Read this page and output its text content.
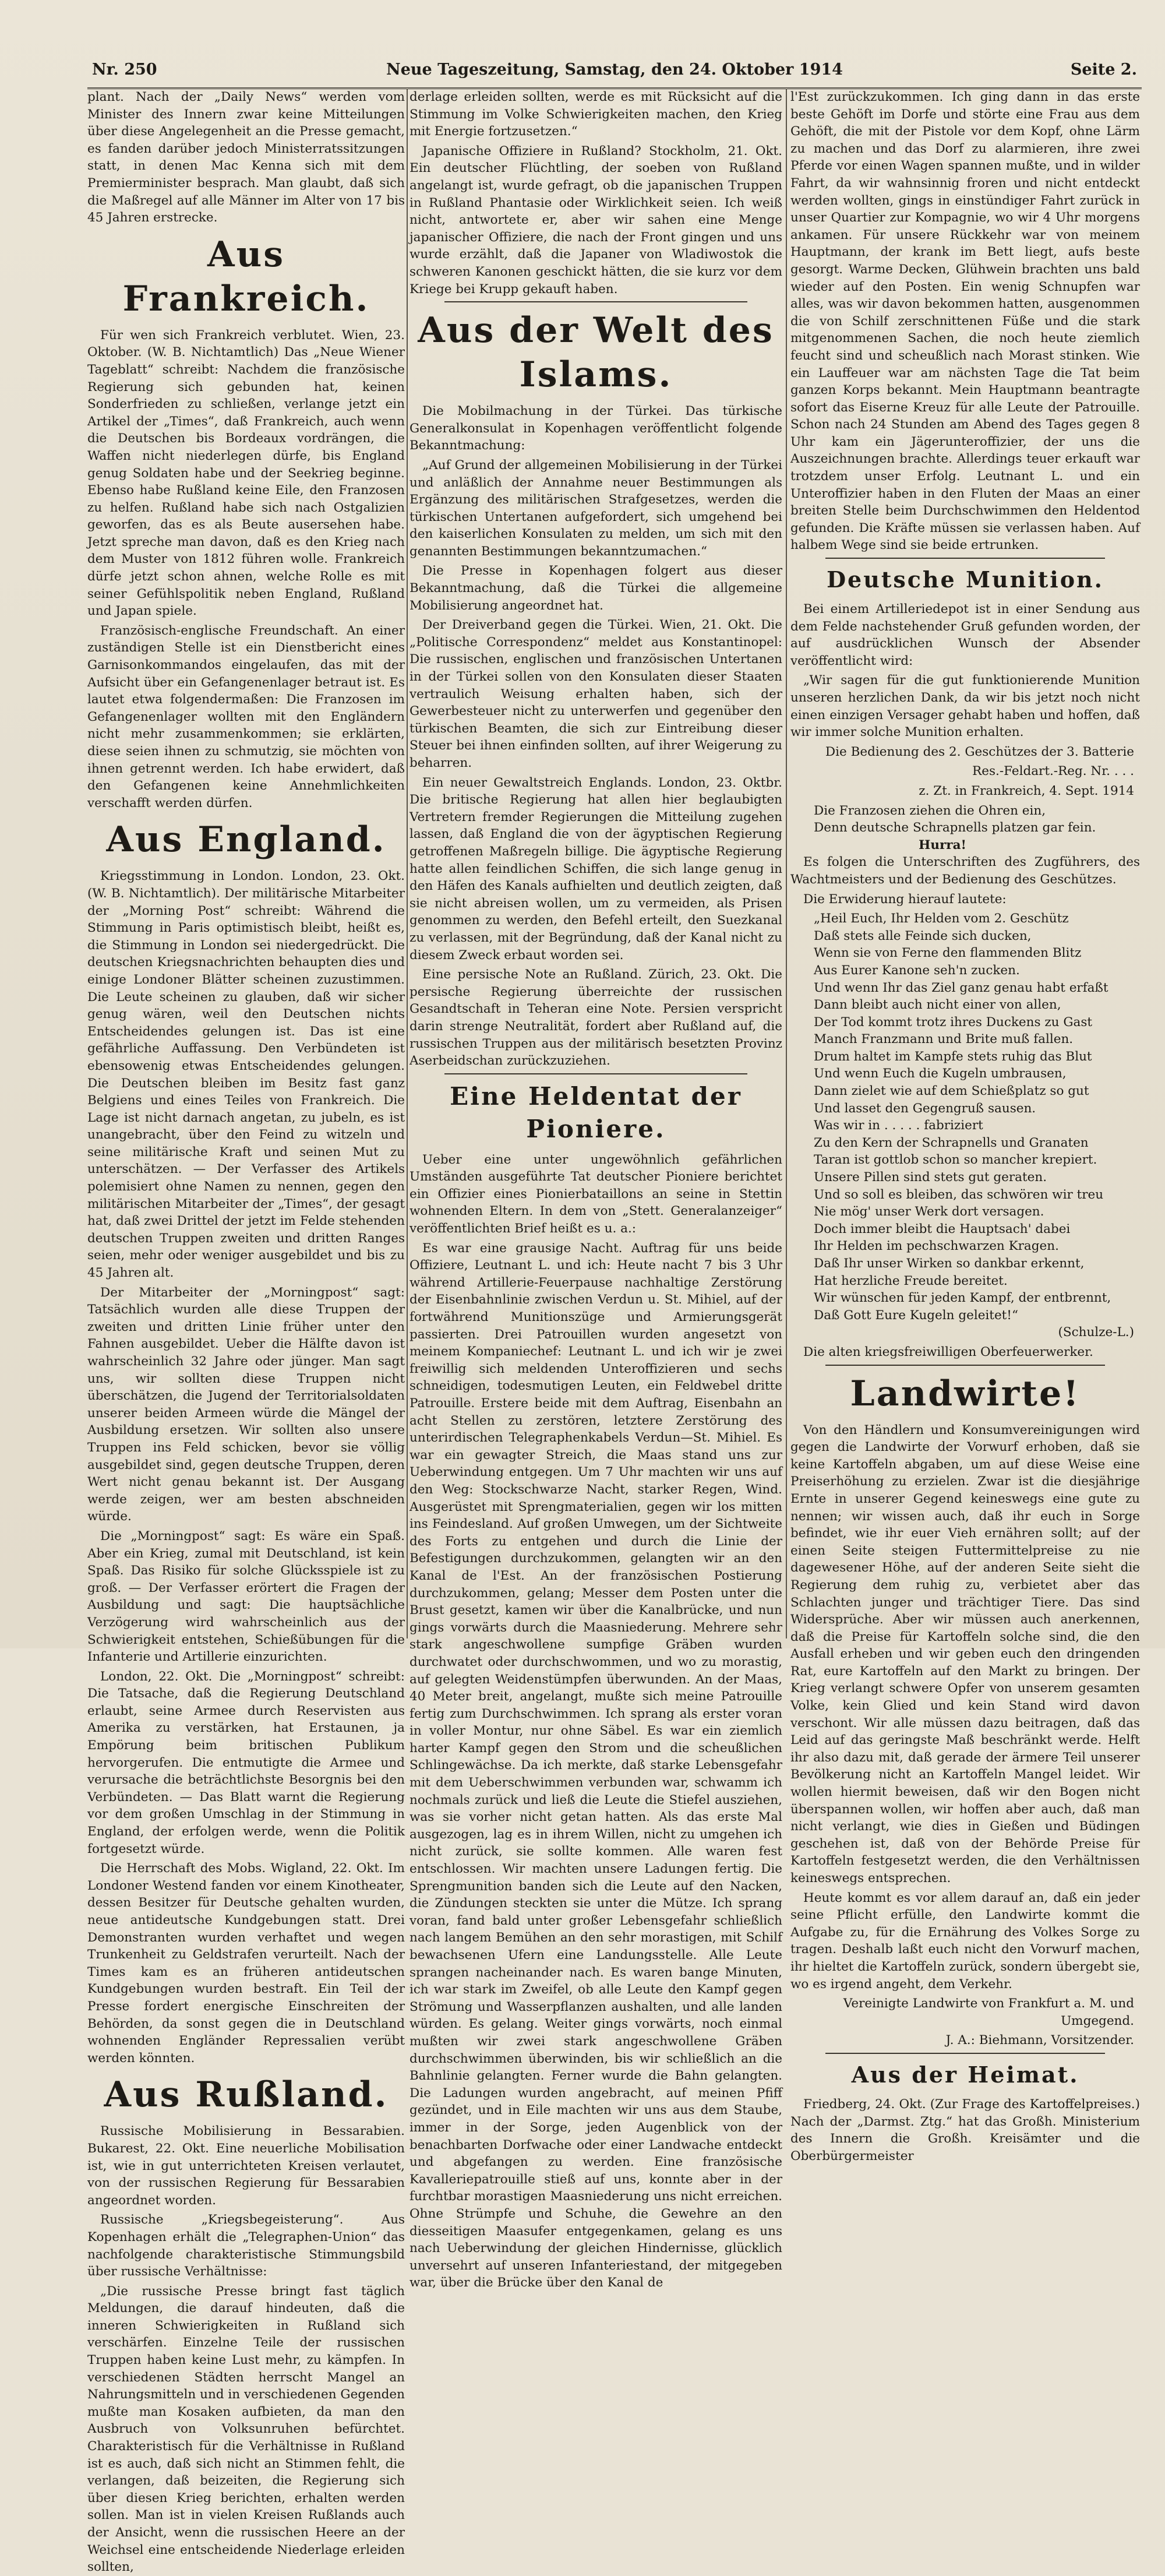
Nr. 250	Neue Tageszeitung, Samstag, den 24. Oktober 1914	Seite 2.

plant. Nach der „Daily News“ werden vom Minister des Innern zwar keine Mitteilungen über diese Angelegenheit an die Presse gemacht, es fanden darüber jedoch Ministerratssitzungen statt, in denen Mac Kenna sich mit dem Premierminister besprach. Man glaubt, daß sich die Maßregel auf alle Männer im Alter von 17 bis 45 Jahren erstrecke.

Aus Frankreich.

Für wen sich Frankreich verblutet. Wien, 23. Oktober. (W. B. Nichtamtlich) Das „Neue Wiener Tageblatt“ schreibt: Nachdem die französische Regierung sich gebunden hat, keinen Sonderfrieden zu schließen, verlange jetzt ein Artikel der „Times“, daß Frankreich, auch wenn die Deutschen bis Bordeaux vordrängen, die Waffen nicht niederlegen dürfe, bis England genug Soldaten habe und der Seekrieg beginne. Ebenso habe Rußland keine Eile, den Franzosen zu helfen. Rußland habe sich nach Ostgalizien geworfen, das es als Beute ausersehen habe. Jetzt spreche man davon, daß es den Krieg nach dem Muster von 1812 führen wolle. Frankreich dürfe jetzt schon ahnen, welche Rolle es mit seiner Gefühlspolitik neben England, Rußland und Japan spiele.

Französisch-englische Freundschaft. An einer zuständigen Stelle ist ein Dienstbericht eines Garnisonkommandos eingelaufen, das mit der Aufsicht über ein Gefangenenlager betraut ist. Es lautet etwa folgendermaßen: Die Franzosen im Gefangenenlager wollten mit den Engländern nicht mehr zusammenkommen; sie erklärten, diese seien ihnen zu schmutzig, sie möchten von ihnen getrennt werden. Ich habe erwidert, daß den Gefangenen keine Annehmlichkeiten verschafft werden dürfen.

Aus England.

Kriegsstimmung in London. London, 23. Okt. (W. B. Nichtamtlich). Der militärische Mitarbeiter der „Morning Post“ schreibt: Während die Stimmung in Paris optimistisch bleibt, heißt es, die Stimmung in London sei niedergedrückt. Die deutschen Kriegsnachrichten behaupten dies und einige Londoner Blätter scheinen zuzustimmen. Die Leute scheinen zu glauben, daß wir sicher genug wären, weil den Deutschen nichts Entscheidendes gelungen ist. Das ist eine gefährliche Auffassung. Den Verbündeten ist ebensowenig etwas Entscheidendes gelungen. Die Deutschen bleiben im Besitz fast ganz Belgiens und eines Teiles von Frankreich. Die Lage ist nicht darnach angetan, zu jubeln, es ist unangebracht, über den Feind zu witzeln und seine militärische Kraft und seinen Mut zu unterschätzen. — Der Verfasser des Artikels polemisiert ohne Namen zu nennen, gegen den militärischen Mitarbeiter der „Times“, der gesagt hat, daß zwei Drittel der jetzt im Felde stehenden deutschen Truppen zweiten und dritten Ranges seien, mehr oder weniger ausgebildet und bis zu 45 Jahren alt.

Der Mitarbeiter der „Morningpost“ sagt: Tatsächlich wurden alle diese Truppen der zweiten und dritten Linie früher unter den Fahnen ausgebildet. Ueber die Hälfte davon ist wahrscheinlich 32 Jahre oder jünger. Man sagt uns, wir sollten diese Truppen nicht überschätzen, die Jugend der Territorialsoldaten unserer beiden Armeen würde die Mängel der Ausbildung ersetzen. Wir sollten also unsere Truppen ins Feld schicken, bevor sie völlig ausgebildet sind, gegen deutsche Truppen, deren Wert nicht genau bekannt ist. Der Ausgang werde zeigen, wer am besten abschneiden würde.

Die „Morningpost“ sagt: Es wäre ein Spaß. Aber ein Krieg, zumal mit Deutschland, ist kein Spaß. Das Risiko für solche Glücksspiele ist zu groß. — Der Verfasser erörtert die Fragen der Ausbildung und sagt: Die hauptsächliche Verzögerung wird wahrscheinlich aus der Schwierigkeit entstehen, Schießübungen für die Infanterie und Artillerie einzurichten.

London, 22. Okt. Die „Morningpost“ schreibt: Die Tatsache, daß die Regierung Deutschland erlaubt, seine Armee durch Reservisten aus Amerika zu verstärken, hat Erstaunen, ja Empörung beim britischen Publikum hervorgerufen. Die entmutigte die Armee und verursache die beträchtlichste Besorgnis bei den Verbündeten. — Das Blatt warnt die Regierung vor dem großen Umschlag in der Stimmung in England, der erfolgen werde, wenn die Politik fortgesetzt würde.

Die Herrschaft des Mobs. Wigland, 22. Okt. Im Londoner Westend fanden vor einem Kinotheater, dessen Besitzer für Deutsche gehalten wurden, neue antideutsche Kundgebungen statt. Drei Demonstranten wurden verhaftet und wegen Trunkenheit zu Geldstrafen verurteilt. Nach der Times kam es an früheren antideutschen Kundgebungen wurden bestraft. Ein Teil der Presse fordert energische Einschreiten der Behörden, da sonst gegen die in Deutschland wohnenden Engländer Repressalien verübt werden könnten.

Aus Rußland.

Russische Mobilisierung in Bessarabien. Bukarest, 22. Okt. Eine neuerliche Mobilisation ist, wie in gut unterrichteten Kreisen verlautet, von der russischen Regierung für Bessarabien angeordnet worden.

Russische „Kriegsbegeisterung“. Aus Kopenhagen erhält die „Telegraphen-Union“ das nachfolgende charakteristische Stimmungsbild über russische Verhältnisse:

„Die russische Presse bringt fast täglich Meldungen, die darauf hindeuten, daß die inneren Schwierigkeiten in Rußland sich verschärfen. Einzelne Teile der russischen Truppen haben keine Lust mehr, zu kämpfen. In verschiedenen Städten herrscht Mangel an Nahrungsmitteln und in verschiedenen Gegenden mußte man Kosaken aufbieten, da man den Ausbruch von Volksunruhen befürchtet. Charakteristisch für die Verhältnisse in Rußland ist es auch, daß sich nicht an Stimmen fehlt, die verlangen, daß beizeiten, die Regierung sich über diesen Krieg berichten, erhalten werden sollen. Man ist in vielen Kreisen Rußlands auch der Ansicht, wenn die russischen Heere an der Weichsel eine entscheidende Niederlage erleiden sollten,

derlage erleiden sollten, werde es mit Rücksicht auf die Stimmung im Volke Schwierigkeiten machen, den Krieg mit Energie fortzusetzen.“

Japanische Offiziere in Rußland? Stockholm, 21. Okt. Ein deutscher Flüchtling, der soeben von Rußland angelangt ist, wurde gefragt, ob die japanischen Truppen in Rußland Phantasie oder Wirklichkeit seien. Ich weiß nicht, antwortete er, aber wir sahen eine Menge japanischer Offiziere, die nach der Front gingen und uns wurde erzählt, daß die Japaner von Wladiwostok die schweren Kanonen geschickt hätten, die sie kurz vor dem Kriege bei Krupp gekauft haben.

Aus der Welt des Islams.

Die Mobilmachung in der Türkei. Das türkische Generalkonsulat in Kopenhagen veröffentlicht folgende Bekanntmachung:

„Auf Grund der allgemeinen Mobilisierung in der Türkei und anläßlich der Annahme neuer Bestimmungen als Ergänzung des militärischen Strafgesetzes, werden die türkischen Untertanen aufgefordert, sich umgehend bei den kaiserlichen Konsulaten zu melden, um sich mit den genannten Bestimmungen bekanntzumachen.“

Die Presse in Kopenhagen folgert aus dieser Bekanntmachung, daß die Türkei die allgemeine Mobilisierung angeordnet hat.

Der Dreiverband gegen die Türkei. Wien, 21. Okt. Die „Politische Correspondenz“ meldet aus Konstantinopel: Die russischen, englischen und französischen Untertanen in der Türkei sollen von den Konsulaten dieser Staaten vertraulich Weisung erhalten haben, sich der Gewerbesteuer nicht zu unterwerfen und gegenüber den türkischen Beamten, die sich zur Eintreibung dieser Steuer bei ihnen einfinden sollten, auf ihrer Weigerung zu beharren.

Ein neuer Gewaltstreich Englands. London, 23. Oktbr. Die britische Regierung hat allen hier beglaubigten Vertretern fremder Regierungen die Mitteilung zugehen lassen, daß England die von der ägyptischen Regierung getroffenen Maßregeln billige. Die ägyptische Regierung hatte allen feindlichen Schiffen, die sich lange genug in den Häfen des Kanals aufhielten und deutlich zeigten, daß sie nicht abreisen wollen, um zu vermeiden, als Prisen genommen zu werden, den Befehl erteilt, den Suezkanal zu verlassen, mit der Begründung, daß der Kanal nicht zu diesem Zweck erbaut worden sei.

Eine persische Note an Rußland. Zürich, 23. Okt. Die persische Regierung überreichte der russischen Gesandtschaft in Teheran eine Note. Persien verspricht darin strenge Neutralität, fordert aber Rußland auf, die russischen Truppen aus der militärisch besetzten Provinz Aserbeidschan zurückzuziehen.

Eine Heldentat der Pioniere.

Ueber eine unter ungewöhnlich gefährlichen Umständen ausgeführte Tat deutscher Pioniere berichtet ein Offizier eines Pionierbataillons an seine in Stettin wohnenden Eltern. In dem von „Stett. Generalanzeiger“ veröffentlichten Brief heißt es u. a.:

Es war eine grausige Nacht. Auftrag für uns beide Offiziere, Leutnant L. und ich: Heute nacht 7 bis 3 Uhr während Artillerie-Feuerpause nachhaltige Zerstörung der Eisenbahnlinie zwischen Verdun u. St. Mihiel, auf der fortwährend Munitionszüge und Armierungsgerät passierten. Drei Patrouillen wurden angesetzt von meinem Kompaniechef: Leutnant L. und ich wir je zwei freiwillig sich meldenden Unteroffizieren und sechs schneidigen, todesmutigen Leuten, ein Feldwebel dritte Patrouille. Erstere beide mit dem Auftrag, Eisenbahn an acht Stellen zu zerstören, letztere Zerstörung des unterirdischen Telegraphenkabels Verdun—St. Mihiel. Es war ein gewagter Streich, die Maas stand uns zur Ueberwindung entgegen. Um 7 Uhr machten wir uns auf den Weg: Stockschwarze Nacht, starker Regen, Wind. Ausgerüstet mit Sprengmaterialien, gegen wir los mitten ins Feindesland. Auf großen Umwegen, um der Sichtweite des Forts zu entgehen und durch die Linie der Befestigungen durchzukommen, gelangten wir an den Kanal de l'Est. An der französischen Postierung durchzukommen, gelang; Messer dem Posten unter die Brust gesetzt, kamen wir über die Kanalbrücke, und nun gings vorwärts durch die Maasniederung. Mehrere sehr stark angeschwollene sumpfige Gräben wurden durchwatet oder durchschwommen, und wo zu morastig, auf gelegten Weidenstümpfen überwunden. An der Maas, 40 Meter breit, angelangt, mußte sich meine Patrouille fertig zum Durchschwimmen. Ich sprang als erster voran in voller Montur, nur ohne Säbel. Es war ein ziemlich harter Kampf gegen den Strom und die scheußlichen Schlingewächse. Da ich merkte, daß starke Lebensgefahr mit dem Ueberschwimmen verbunden war, schwamm ich nochmals zurück und ließ die Leute die Stiefel ausziehen, was sie vorher nicht getan hatten. Als das erste Mal ausgezogen, lag es in ihrem Willen, nicht zu umgehen ich nicht zurück, sie sollte kommen. Alle waren fest entschlossen. Wir machten unsere Ladungen fertig. Die Sprengmunition banden sich die Leute auf den Nacken, die Zündungen steckten sie unter die Mütze. Ich sprang voran, fand bald unter großer Lebensgefahr schließlich nach langem Bemühen an den sehr morastigen, mit Schilf bewachsenen Ufern eine Landungsstelle. Alle Leute sprangen nacheinander nach. Es waren bange Minuten, ich war stark im Zweifel, ob alle Leute den Kampf gegen Strömung und Wasserpflanzen aushalten, und alle landen würden. Es gelang. Weiter gings vorwärts, noch einmal mußten wir zwei stark angeschwollene Gräben durchschwimmen überwinden, bis wir schließlich an die Bahnlinie gelangten. Ferner wurde die Bahn gelangten. Die Ladungen wurden angebracht, auf meinen Pfiff gezündet, und in Eile machten wir uns aus dem Staube, immer in der Sorge, jeden Augenblick von der benachbarten Dorfwache oder einer Landwache entdeckt und abgefangen zu werden. Eine französische Kavalleriepatrouille stieß auf uns, konnte aber in der furchtbar morastigen Maasniederung uns nicht erreichen. Ohne Strümpfe und Schuhe, die Gewehre an den diesseitigen Maasufer entgegenkamen, gelang es uns nach Ueberwindung der gleichen Hindernisse, glücklich unversehrt auf unseren Infanteriestand, der mitgegeben war, über die Brücke über den Kanal de

l'Est zurückzukommen. Ich ging dann in das erste beste Gehöft im Dorfe und störte eine Frau aus dem Gehöft, die mit der Pistole vor dem Kopf, ohne Lärm zu machen und das Dorf zu alarmieren, ihre zwei Pferde vor einen Wagen spannen mußte, und in wilder Fahrt, da wir wahnsinnig froren und nicht entdeckt werden wollten, gings in einstündiger Fahrt zurück in unser Quartier zur Kompagnie, wo wir 4 Uhr morgens ankamen. Für unsere Rückkehr war von meinem Hauptmann, der krank im Bett liegt, aufs beste gesorgt. Warme Decken, Glühwein brachten uns bald wieder auf den Posten. Ein wenig Schnupfen war alles, was wir davon bekommen hatten, ausgenommen die von Schilf zerschnittenen Füße und die stark mitgenommenen Sachen, die noch heute ziemlich feucht sind und scheußlich nach Morast stinken. Wie ein Lauffeuer war am nächsten Tage die Tat beim ganzen Korps bekannt. Mein Hauptmann beantragte sofort das Eiserne Kreuz für alle Leute der Patrouille. Schon nach 24 Stunden am Abend des Tages gegen 8 Uhr kam ein Jägerunteroffizier, der uns die Auszeichnungen brachte. Allerdings teuer erkauft war trotzdem unser Erfolg. Leutnant L. und ein Unteroffizier haben in den Fluten der Maas an einer breiten Stelle beim Durchschwimmen den Heldentod gefunden. Die Kräfte müssen sie verlassen haben. Auf halbem Wege sind sie beide ertrunken.

Deutsche Munition.

Bei einem Artilleriedepot ist in einer Sendung aus dem Felde nachstehender Gruß gefunden worden, der auf ausdrücklichen Wunsch der Absender veröffentlicht wird:

„Wir sagen für die gut funktionierende Munition unseren herzlichen Dank, da wir bis jetzt noch nicht einen einzigen Versager gehabt haben und hoffen, daß wir immer solche Munition erhalten.

Die Bedienung des 2. Geschützes der 3. Batterie
Res.-Feldart.-Reg. Nr. . . .
z. Zt. in Frankreich, 4. Sept. 1914

Die Franzosen ziehen die Ohren ein,

Denn deutsche Schrapnells platzen gar fein.

Hurra!

Es folgen die Unterschriften des Zugführers, des Wachtmeisters und der Bedienung des Geschützes.

Die Erwiderung hierauf lautete:

„Heil Euch, Ihr Helden vom 2. Geschütz

Daß stets alle Feinde sich ducken,

Wenn sie von Ferne den flammenden Blitz

Aus Eurer Kanone seh'n zucken.

Und wenn Ihr das Ziel ganz genau habt erfaßt

Dann bleibt auch nicht einer von allen,

Der Tod kommt trotz ihres Duckens zu Gast

Manch Franzmann und Brite muß fallen.

Drum haltet im Kampfe stets ruhig das Blut

Und wenn Euch die Kugeln umbrausen,

Dann zielet wie auf dem Schießplatz so gut

Und lasset den Gegengruß sausen.

Was wir in . . . . . fabriziert

Zu den Kern der Schrapnells und Granaten

Taran ist gottlob schon so mancher krepiert.

Unsere Pillen sind stets gut geraten.

Und so soll es bleiben, das schwören wir treu

Nie mög' unser Werk dort versagen.

Doch immer bleibt die Hauptsach' dabei

Ihr Helden im pechschwarzen Kragen.

Daß Ihr unser Wirken so dankbar erkennt,

Hat herzliche Freude bereitet.

Wir wünschen für jeden Kampf, der entbrennt,

Daß Gott Eure Kugeln geleitet!“

(Schulze-L.)

Die alten kriegsfreiwilligen Oberfeuerwerker.

Landwirte!

Von den Händlern und Konsumvereinigungen wird gegen die Landwirte der Vorwurf erhoben, daß sie keine Kartoffeln abgaben, um auf diese Weise eine Preiserhöhung zu erzielen. Zwar ist die diesjährige Ernte in unserer Gegend keineswegs eine gute zu nennen; wir wissen auch, daß ihr euch in Sorge befindet, wie ihr euer Vieh ernähren sollt; auf der einen Seite steigen Futtermittelpreise zu nie dagewesener Höhe, auf der anderen Seite sieht die Regierung dem ruhig zu, verbietet aber das Schlachten junger und trächtiger Tiere. Das sind Widersprüche. Aber wir müssen auch anerkennen, daß die Preise für Kartoffeln solche sind, die den Ausfall erheben und wir geben euch den dringenden Rat, eure Kartoffeln auf den Markt zu bringen. Der Krieg verlangt schwere Opfer von unserem gesamten Volke, kein Glied und kein Stand wird davon verschont. Wir alle müssen dazu beitragen, daß das Leid auf das geringste Maß beschränkt werde. Helft ihr also dazu mit, daß gerade der ärmere Teil unserer Bevölkerung nicht an Kartoffeln Mangel leidet. Wir wollen hiermit beweisen, daß wir den Bogen nicht überspannen wollen, wir hoffen aber auch, daß man nicht verlangt, wie dies in Gießen und Büdingen geschehen ist, daß von der Behörde Preise für Kartoffeln festgesetzt werden, die den Verhältnissen keineswegs entsprechen.

Heute kommt es vor allem darauf an, daß ein jeder seine Pflicht erfülle, den Landwirte kommt die Aufgabe zu, für die Ernährung des Volkes Sorge zu tragen. Deshalb laßt euch nicht den Vorwurf machen, ihr hieltet die Kartoffeln zurück, sondern übergebt sie, wo es irgend angeht, dem Verkehr.

Vereinigte Landwirte von Frankfurt a. M. und Umgegend.
J. A.: Biehmann, Vorsitzender.
Aus der Heimat.

Friedberg, 24. Okt. (Zur Frage des Kartoffelpreises.) Nach der „Darmst. Ztg.“ hat das Großh. Ministerium des Innern die Großh. Kreisämter und die Oberbürgermeister
